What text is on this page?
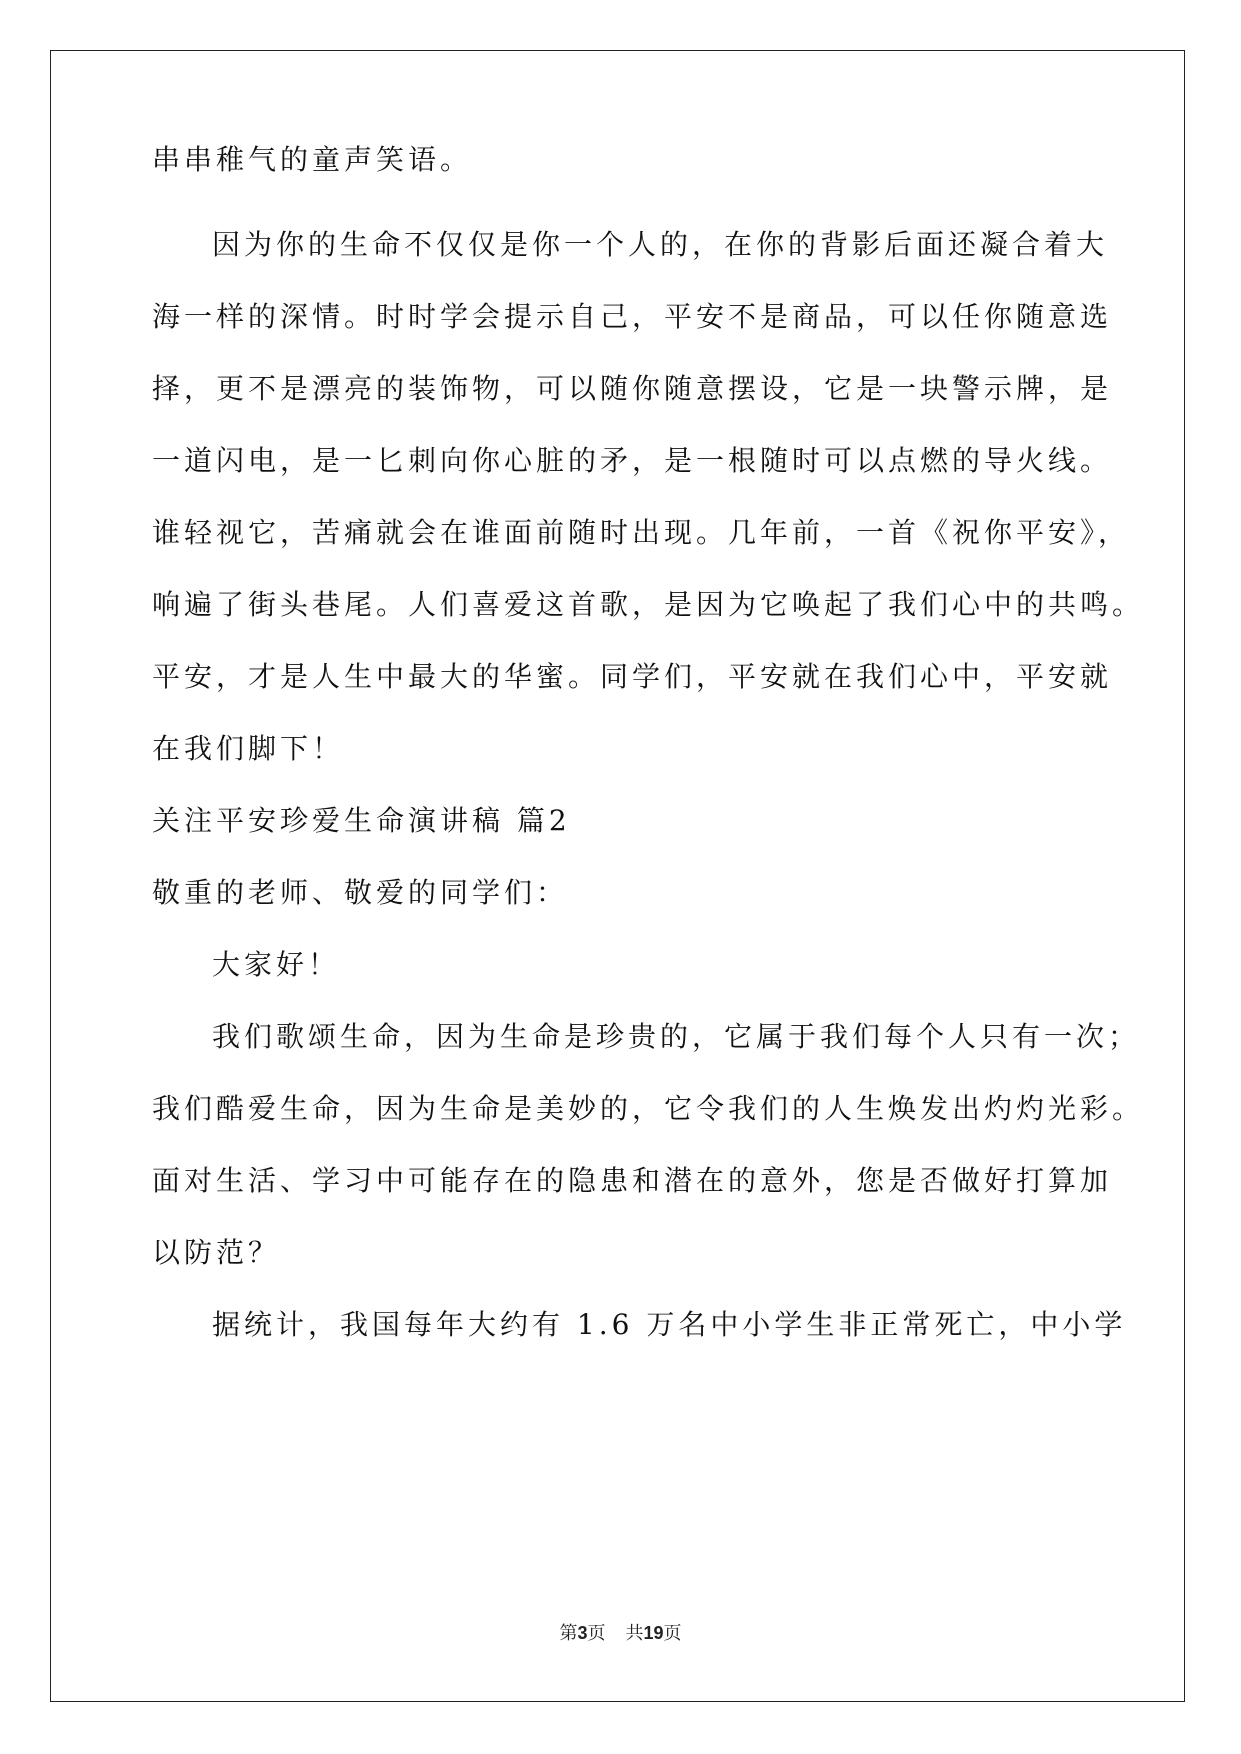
串串稚气的童声笑语。
因为你的生命不仅仅是你一个人的，在你的背影后面还凝合着大
海一样的深情。时时学会提示自己，平安不是商品，可以任你随意选
择，更不是漂亮的装饰物，可以随你随意摆设，它是一块警示牌，是
一道闪电，是一匕刺向你心脏的矛，是一根随时可以点燃的导火线。
谁轻视它，苦痛就会在谁面前随时出现。几年前，一首《祝你平安》，
响遍了街头巷尾。人们喜爱这首歌，是因为它唤起了我们心中的共鸣。
平安，才是人生中最大的华蜜。同学们，平安就在我们心中，平安就
在我们脚下！
关注平安珍爱生命演讲稿 篇2
敬重的老师、敬爱的同学们：
大家好！
我们歌颂生命，因为生命是珍贵的，它属于我们每个人只有一次；
我们酷爱生命，因为生命是美妙的，它令我们的人生焕发出灼灼光彩。
面对生活、学习中可能存在的隐患和潜在的意外，您是否做好打算加
以防范？
据统计，我国每年大约有 1.6 万名中小学生非正常死亡，中小学
第3页 共19页
